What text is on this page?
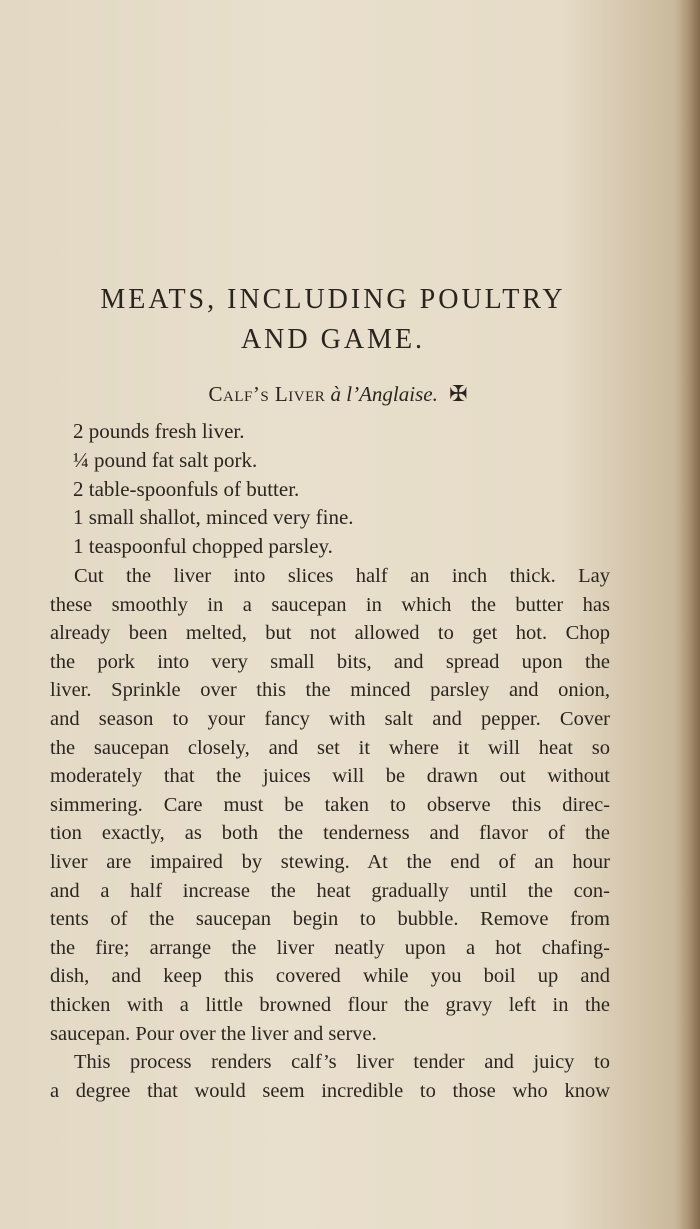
MEATS, INCLUDING POULTRY
AND GAME.
Calf’s Liver à l’Anglaise. ✠
2 pounds fresh liver.
¼ pound fat salt pork.
2 table-spoonfuls of butter.
1 small shallot, minced very fine.
1 teaspoonful chopped parsley.
Cut the liver into slices half an inch thick. Lay
these smoothly in a saucepan in which the butter has
already been melted, but not allowed to get hot. Chop
the pork into very small bits, and spread upon the
liver. Sprinkle over this the minced parsley and onion,
and season to your fancy with salt and pepper. Cover
the saucepan closely, and set it where it will heat so
moderately that the juices will be drawn out without
simmering. Care must be taken to observe this direc-
tion exactly, as both the tenderness and flavor of the
liver are impaired by stewing. At the end of an hour
and a half increase the heat gradually until the con-
tents of the saucepan begin to bubble. Remove from
the fire; arrange the liver neatly upon a hot chafing-
dish, and keep this covered while you boil up and
thicken with a little browned flour the gravy left in the
saucepan. Pour over the liver and serve.
This process renders calf’s liver tender and juicy to
a degree that would seem incredible to those who know
